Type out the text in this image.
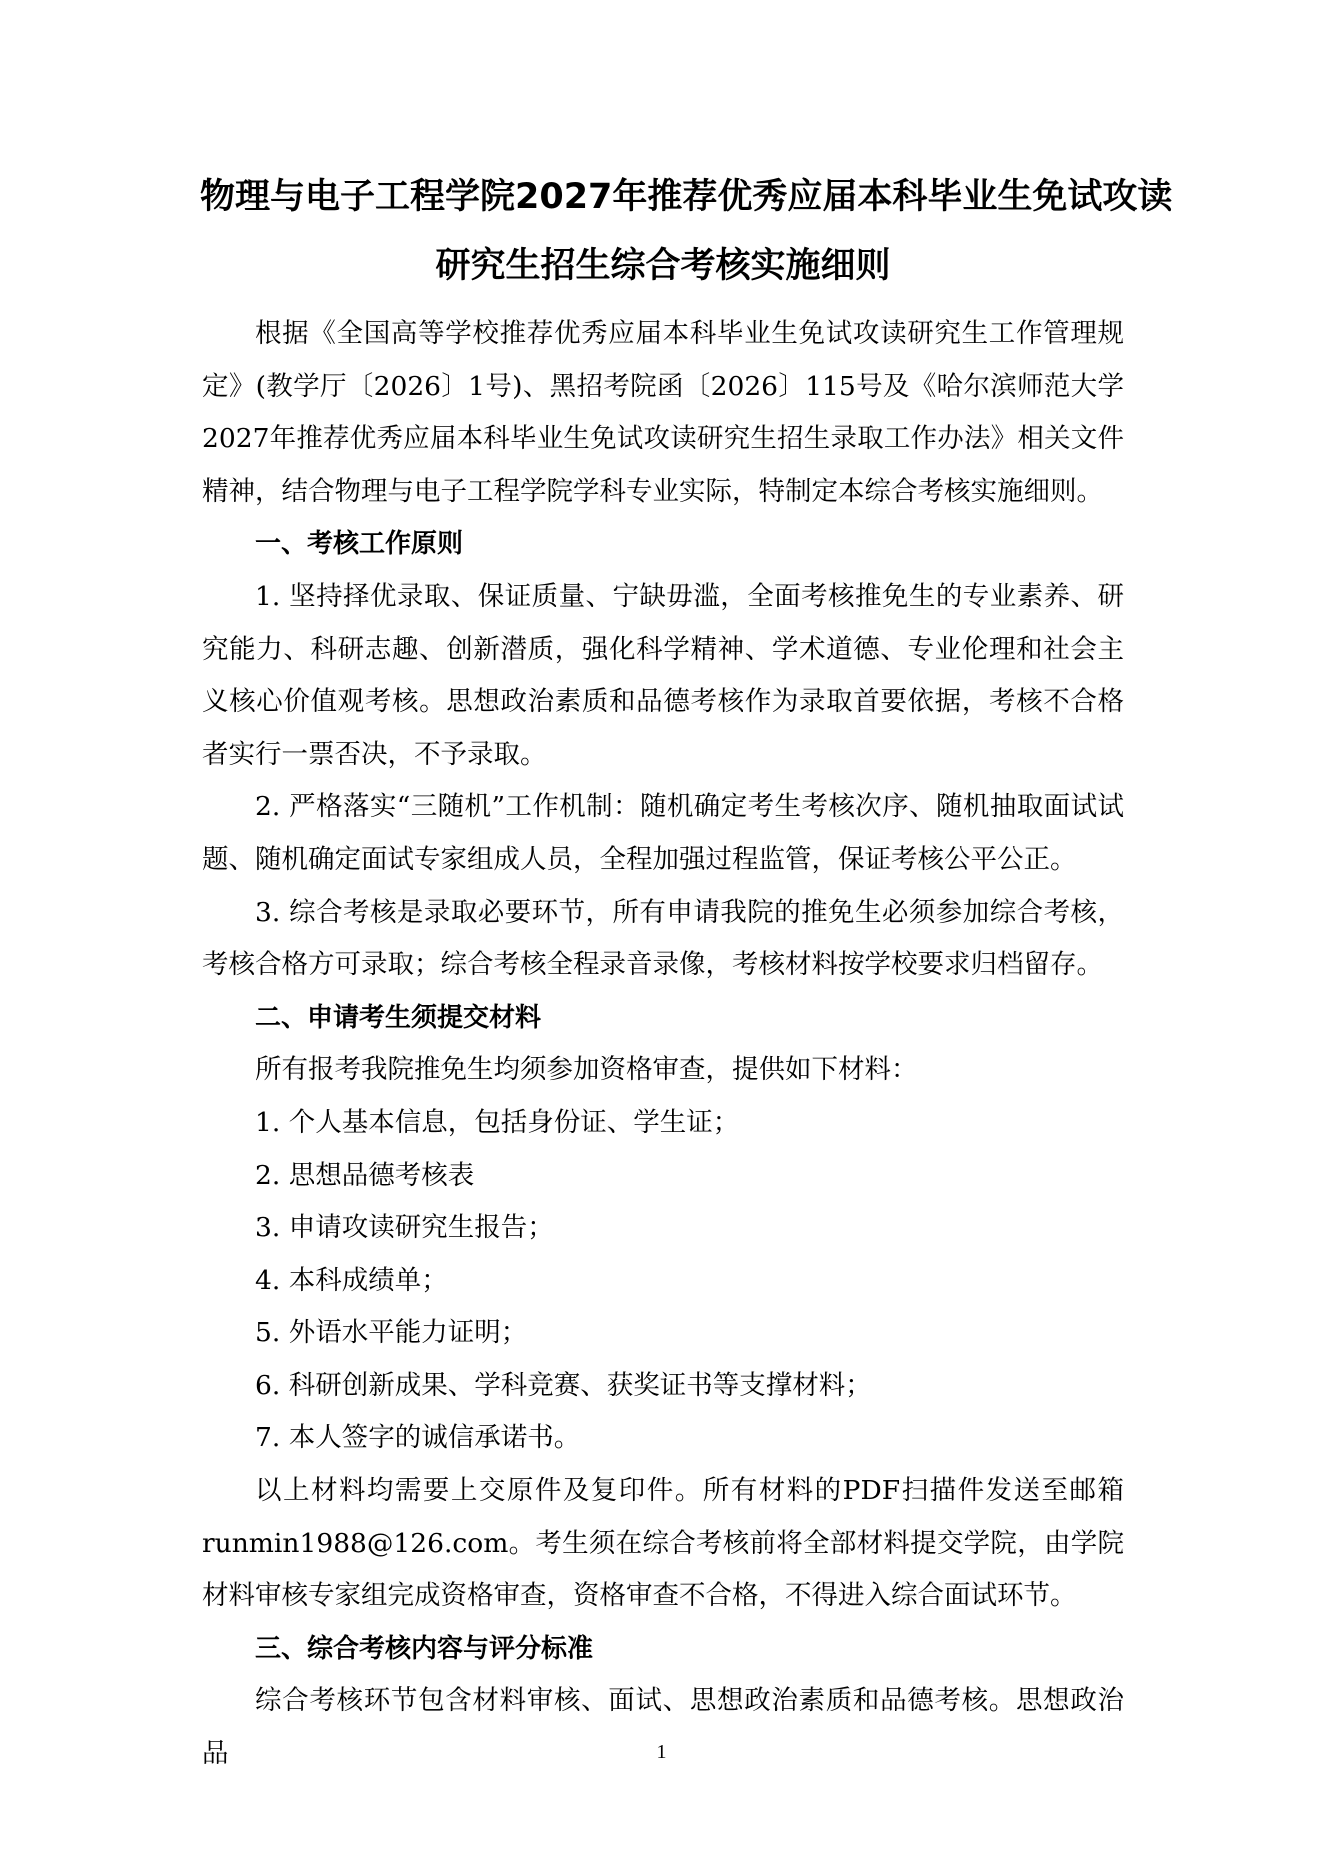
物理与电子工程学院2027年推荐优秀应届本科毕业生免试攻读
研究生招生综合考核实施细则

根据《全国高等学校推荐优秀应届本科毕业生免试攻读研究生工作管理规定》(教学厅〔2026〕1号)、黑招考院函〔2026〕115号及《哈尔滨师范大学2027年推荐优秀应届本科毕业生免试攻读研究生招生录取工作办法》相关文件精神，结合物理与电子工程学院学科专业实际，特制定本综合考核实施细则。

一、考核工作原则

1. 坚持择优录取、保证质量、宁缺毋滥，全面考核推免生的专业素养、研究能力、科研志趣、创新潜质，强化科学精神、学术道德、专业伦理和社会主义核心价值观考核。思想政治素质和品德考核作为录取首要依据，考核不合格者实行一票否决，不予录取。

2. 严格落实“三随机”工作机制：随机确定考生考核次序、随机抽取面试试题、随机确定面试专家组成人员，全程加强过程监管，保证考核公平公正。

3. 综合考核是录取必要环节，所有申请我院的推免生必须参加综合考核，考核合格方可录取；综合考核全程录音录像，考核材料按学校要求归档留存。

二、申请考生须提交材料

所有报考我院推免生均须参加资格审查，提供如下材料：

1. 个人基本信息，包括身份证、学生证；

2. 思想品德考核表

3. 申请攻读研究生报告；

4. 本科成绩单；

5. 外语水平能力证明；

6. 科研创新成果、学科竞赛、获奖证书等支撑材料；

7. 本人签字的诚信承诺书。

以上材料均需要上交原件及复印件。所有材料的PDF扫描件发送至邮箱runmin1988@126.com。考生须在综合考核前将全部材料提交学院，由学院材料审核专家组完成资格审查，资格审查不合格，不得进入综合面试环节。

三、综合考核内容与评分标准

综合考核环节包含材料审核、面试、思想政治素质和品德考核。思想政治品	1
